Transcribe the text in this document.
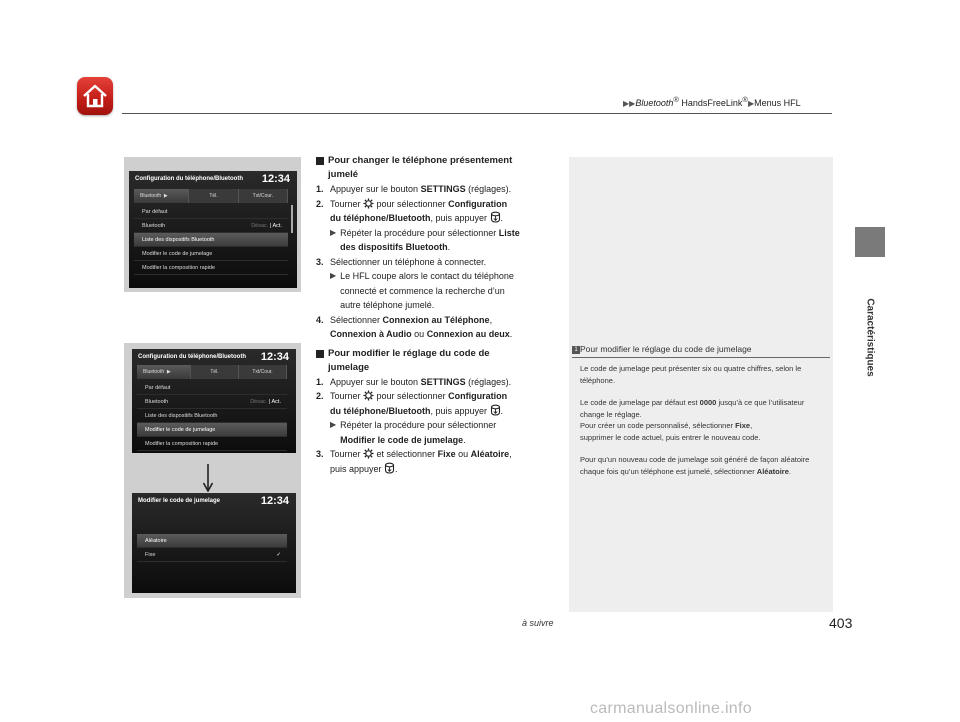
▶▶Bluetooth® HandsFreeLink®▶Menus HFL
Caractéristiques
Configuration du téléphone/Bluetooth 12:34
Bluetooth ▶	Tél.	Txt/Cour.
Par défaut
Bluetooth	Désac. | Act.
Liste des dispositifs Bluetooth
Modifier le code de jumelage
Modifier la composition rapide
Configuration du téléphone/Bluetooth 12:34
Bluetooth ▶	Tél.	Txt/Cour.
Par défaut
Bluetooth	Désac. | Act.
Liste des dispositifs Bluetooth
Modifier le code de jumelage
Modifier la composition rapide
Modifier le code de jumelage	12:34
Aléatoire
Fixe	✓
Pour changer le téléphone présentement
jumelé
1. Appuyer sur le bouton SETTINGS (réglages).
2. Tourner  pour sélectionner Configuration
du téléphone/Bluetooth, puis appuyer .
▶ Répéter la procédure pour sélectionner Liste
des dispositifs Bluetooth.
3. Sélectionner un téléphone à connecter.
▶ Le HFL coupe alors le contact du téléphone
connecté et commence la recherche d’un
autre téléphone jumelé.
4. Sélectionner Connexion au Téléphone,
Connexion à Audio ou Connexion au deux.
Pour modifier le réglage du code de
jumelage
1. Appuyer sur le bouton SETTINGS (réglages).
2. Tourner  pour sélectionner Configuration
du téléphone/Bluetooth, puis appuyer .
▶ Répéter la procédure pour sélectionner
Modifier le code de jumelage.
3. Tourner  et sélectionner Fixe ou Aléatoire,
puis appuyer .
1 Pour modifier le réglage du code de jumelage

Le code de jumelage peut présenter six ou quatre chiffres, selon le téléphone.

Le code de jumelage par défaut est 0000 jusqu’à ce que l’utilisateur change le réglage.
Pour créer un code personnalisé, sélectionner Fixe,
supprimer le code actuel, puis entrer le nouveau code.

Pour qu’un nouveau code de jumelage soit généré de façon aléatoire chaque fois qu’un téléphone est jumelé, sélectionner Aléatoire.

à suivre	403
carmanualsonline.info
